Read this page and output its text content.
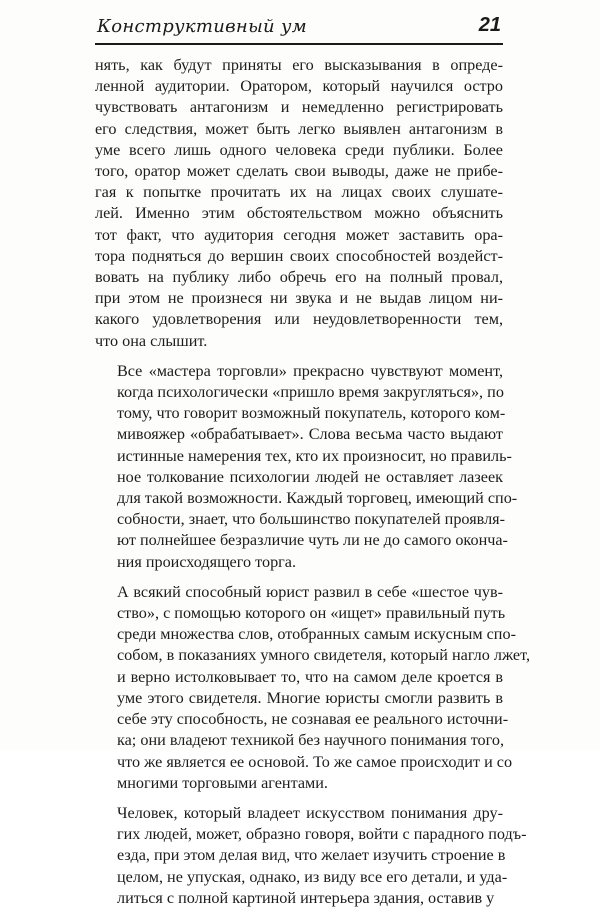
Конструктивный ум	21
нять, как будут приняты его высказывания в опреде-
ленной аудитории. Оратором, который научился остро
чувствовать антагонизм и немедленно регистрировать
его следствия, может быть легко выявлен антагонизм в
уме всего лишь одного человека среди публики. Более
того, оратор может сделать свои выводы, даже не прибе-
гая к попытке прочитать их на лицах своих слушате-
лей. Именно этим обстоятельством можно объяснить
тот факт, что аудитория сегодня может заставить ора-
тора подняться до вершин своих способностей воздейст-
вовать на публику либо обречь его на полный провал,
при этом не произнеся ни звука и не выдав лицом ни-
какого удовлетворения или неудовлетворенности тем,
что она слышит.
Все «мастера торговли» прекрасно чувствуют момент,
когда психологически «пришло время закругляться», по
тому, что говорит возможный покупатель, которого ком-
мивояжер «обрабатывает». Слова весьма часто выдают
истинные намерения тех, кто их произносит, но правиль-
ное толкование психологии людей не оставляет лазеек
для такой возможности. Каждый торговец, имеющий спо-
собности, знает, что большинство покупателей проявля-
ют полнейшее безразличие чуть ли не до самого оконча-
ния происходящего торга.
А всякий способный юрист развил в себе «шестое чув-
ство», с помощью которого он «ищет» правильный путь
среди множества слов, отобранных самым искусным спо-
собом, в показаниях умного свидетеля, который нагло лжет,
и верно истолковывает то, что на самом деле кроется в
уме этого свидетеля. Многие юристы смогли развить в
себе эту способность, не сознавая ее реального источни-
ка; они владеют техникой без научного понимания того,
что же является ее основой. То же самое происходит и со
многими торговыми агентами.
Человек, который владеет искусством понимания дру-
гих людей, может, образно говоря, войти с парадного подъ-
езда, при этом делая вид, что желает изучить строение в
целом, не упуская, однако, из виду все его детали, и уда-
литься с полной картиной интерьера здания, оставив у
